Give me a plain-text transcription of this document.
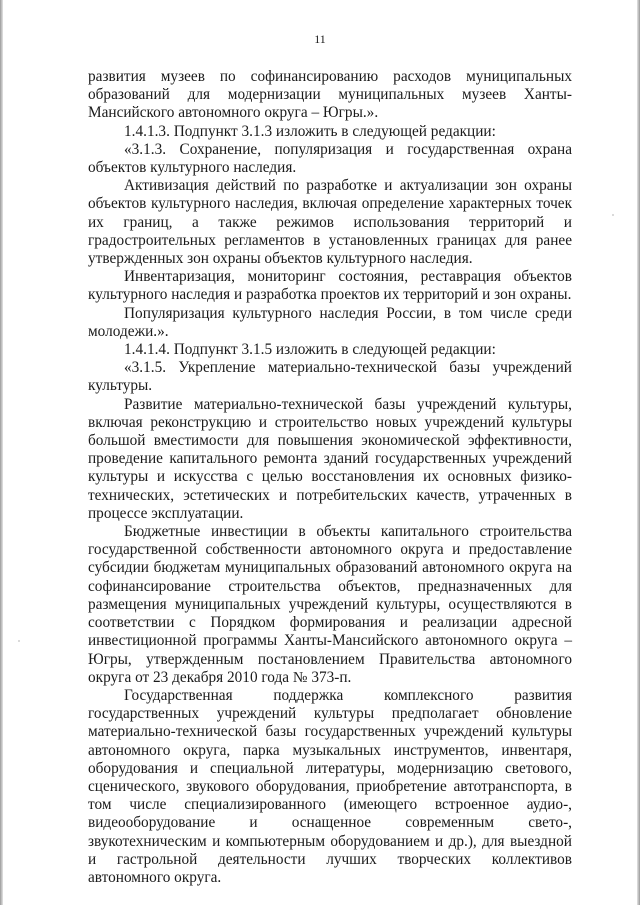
11

развития музеев по софинансированию расходов муниципальных образований для модернизации муниципальных музеев Ханты-Мансийского автономного округа – Югры.».

1.4.1.3. Подпункт 3.1.3 изложить в следующей редакции:

«3.1.3. Сохранение, популяризация и государственная охрана объектов культурного наследия.

Активизация действий по разработке и актуализации зон охраны объектов культурного наследия, включая определение характерных точек их границ, а также режимов использования территорий и градостроительных регламентов в установленных границах для ранее утвержденных зон охраны объектов культурного наследия.

Инвентаризация, мониторинг состояния, реставрация объектов культурного наследия и разработка проектов их территорий и зон охраны.

Популяризация культурного наследия России, в том числе среди молодежи.».

1.4.1.4. Подпункт 3.1.5 изложить в следующей редакции:

«3.1.5. Укрепление материально-технической базы учреждений культуры.

Развитие материально-технической базы учреждений культуры, включая реконструкцию и строительство новых учреждений культуры большой вместимости для повышения экономической эффективности, проведение капитального ремонта зданий государственных учреждений культуры и искусства с целью восстановления их основных физико-технических, эстетических и потребительских качеств, утраченных в процессе эксплуатации.

Бюджетные инвестиции в объекты капитального строительства государственной собственности автономного округа и предоставление субсидии бюджетам муниципальных образований автономного округа на софинансирование строительства объектов, предназначенных для размещения муниципальных учреждений культуры, осуществляются в соответствии с Порядком формирования и реализации адресной инвестиционной программы Ханты-Мансийского автономного округа – Югры, утвержденным постановлением Правительства автономного округа от 23 декабря 2010 года № 373-п.

Государственная поддержка комплексного развития государственных учреждений культуры предполагает обновление материально-технической базы государственных учреждений культуры автономного округа, парка музыкальных инструментов, инвентаря, оборудования и специальной литературы, модернизацию светового, сценического, звукового оборудования, приобретение автотранспорта, в том числе специализированного (имеющего встроенное аудио-, видеооборудование и оснащенное современным свето-, звукотехническим и компьютерным оборудованием и др.), для выездной и гастрольной деятельности лучших творческих коллективов автономного округа.
